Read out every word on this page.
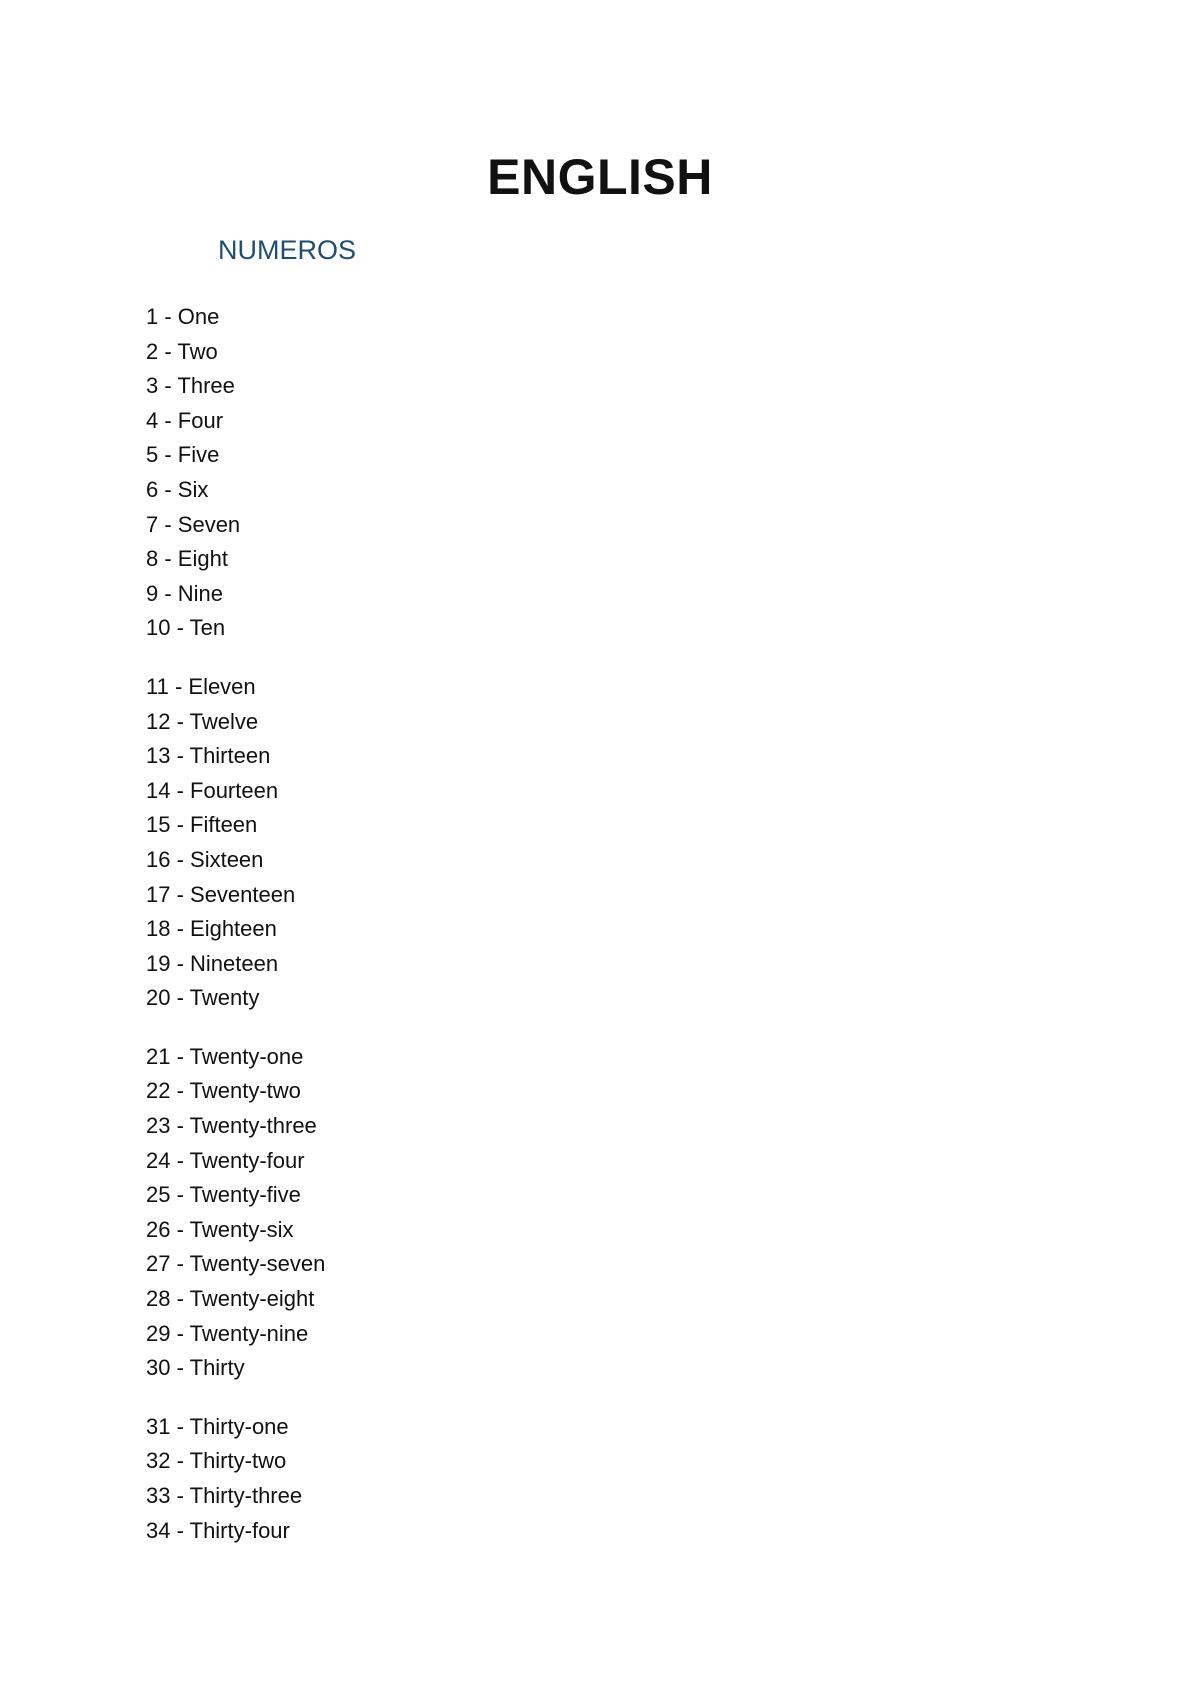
ENGLISH
NUMEROS
1 - One
2 - Two
3 - Three
4 - Four
5 - Five
6 - Six
7 - Seven
8 - Eight
9 - Nine
10 - Ten
11 - Eleven
12 - Twelve
13 - Thirteen
14 - Fourteen
15 - Fifteen
16 - Sixteen
17 - Seventeen
18 - Eighteen
19 - Nineteen
20 - Twenty
21 - Twenty-one
22 - Twenty-two
23 - Twenty-three
24 - Twenty-four
25 - Twenty-five
26 - Twenty-six
27 - Twenty-seven
28 - Twenty-eight
29 - Twenty-nine
30 - Thirty
31 - Thirty-one
32 - Thirty-two
33 - Thirty-three
34 - Thirty-four
